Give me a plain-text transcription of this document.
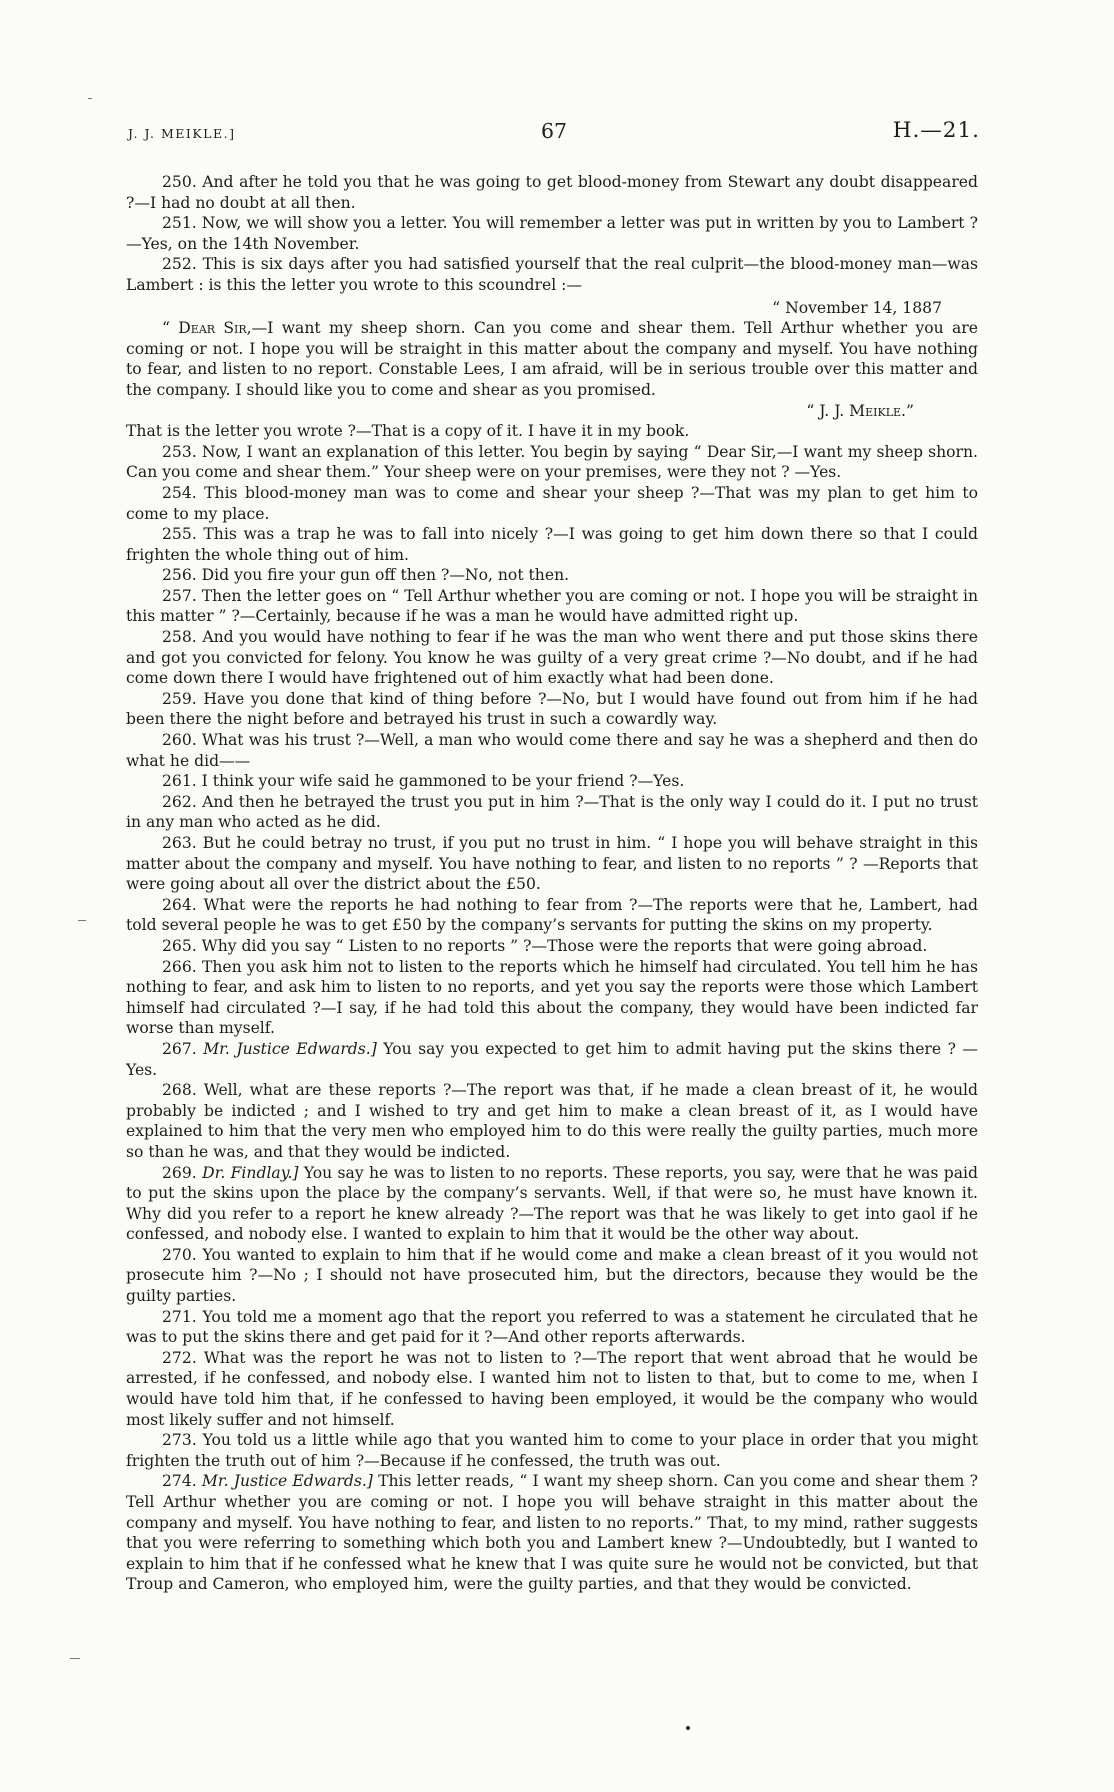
J. J. MEIKLE.]	67	H.—21.

250. And after he told you that he was going to get blood-money from Stewart any doubt disappeared ?—I had no doubt at all then.

251. Now, we will show you a letter. You will remember a letter was put in written by you to Lambert ?—Yes, on the 14th November.

252. This is six days after you had satisfied yourself that the real culprit—the blood-money man—was Lambert : is this the letter you wrote to this scoundrel :—

“ November 14, 1887

“ Dear Sir,—I want my sheep shorn. Can you come and shear them. Tell Arthur whether you are coming or not. I hope you will be straight in this matter about the company and myself. You have nothing to fear, and listen to no report. Constable Lees, I am afraid, will be in serious trouble over this matter and the company. I should like you to come and shear as you promised.

“ J. J. Meikle.”

That is the letter you wrote ?—That is a copy of it. I have it in my book.

253. Now, I want an explanation of this letter. You begin by saying “ Dear Sir,—I want my sheep shorn. Can you come and shear them.” Your sheep were on your premises, were they not ? —Yes.

254. This blood-money man was to come and shear your sheep ?—That was my plan to get him to come to my place.

255. This was a trap he was to fall into nicely ?—I was going to get him down there so that I could frighten the whole thing out of him.

256. Did you fire your gun off then ?—No, not then.

257. Then the letter goes on “ Tell Arthur whether you are coming or not. I hope you will be straight in this matter ” ?—Certainly, because if he was a man he would have admitted right up.

258. And you would have nothing to fear if he was the man who went there and put those skins there and got you convicted for felony. You know he was guilty of a very great crime ?—No doubt, and if he had come down there I would have frightened out of him exactly what had been done.

259. Have you done that kind of thing before ?—No, but I would have found out from him if he had been there the night before and betrayed his trust in such a cowardly way.

260. What was his trust ?—Well, a man who would come there and say he was a shepherd and then do what he did——

261. I think your wife said he gammoned to be your friend ?—Yes.

262. And then he betrayed the trust you put in him ?—That is the only way I could do it. I put no trust in any man who acted as he did.

263. But he could betray no trust, if you put no trust in him. “ I hope you will behave straight in this matter about the company and myself. You have nothing to fear, and listen to no reports ” ? —Reports that were going about all over the district about the £50.

264. What were the reports he had nothing to fear from ?—The reports were that he, Lambert, had told several people he was to get £50 by the company’s servants for putting the skins on my property.

265. Why did you say “ Listen to no reports ” ?—Those were the reports that were going abroad.

266. Then you ask him not to listen to the reports which he himself had circulated. You tell him he has nothing to fear, and ask him to listen to no reports, and yet you say the reports were those which Lambert himself had circulated ?—I say, if he had told this about the company, they would have been indicted far worse than myself.

267. Mr. Justice Edwards.] You say you expected to get him to admit having put the skins there ? —Yes.

268. Well, what are these reports ?—The report was that, if he made a clean breast of it, he would probably be indicted ; and I wished to try and get him to make a clean breast of it, as I would have explained to him that the very men who employed him to do this were really the guilty parties, much more so than he was, and that they would be indicted.

269. Dr. Findlay.] You say he was to listen to no reports. These reports, you say, were that he was paid to put the skins upon the place by the company’s servants. Well, if that were so, he must have known it. Why did you refer to a report he knew already ?—The report was that he was likely to get into gaol if he confessed, and nobody else. I wanted to explain to him that it would be the other way about.

270. You wanted to explain to him that if he would come and make a clean breast of it you would not prosecute him ?—No ; I should not have prosecuted him, but the directors, because they would be the guilty parties.

271. You told me a moment ago that the report you referred to was a statement he circulated that he was to put the skins there and get paid for it ?—And other reports afterwards.

272. What was the report he was not to listen to ?—The report that went abroad that he would be arrested, if he confessed, and nobody else. I wanted him not to listen to that, but to come to me, when I would have told him that, if he confessed to having been employed, it would be the company who would most likely suffer and not himself.

273. You told us a little while ago that you wanted him to come to your place in order that you might frighten the truth out of him ?—Because if he confessed, the truth was out.

274. Mr. Justice Edwards.] This letter reads, “ I want my sheep shorn. Can you come and shear them ? Tell Arthur whether you are coming or not. I hope you will behave straight in this matter about the company and myself. You have nothing to fear, and listen to no reports.” That, to my mind, rather suggests that you were referring to something which both you and Lambert knew ?—Undoubtedly, but I wanted to explain to him that if he confessed what he knew that I was quite sure he would not be convicted, but that Troup and Cameron, who employed him, were the guilty parties, and that they would be convicted.
